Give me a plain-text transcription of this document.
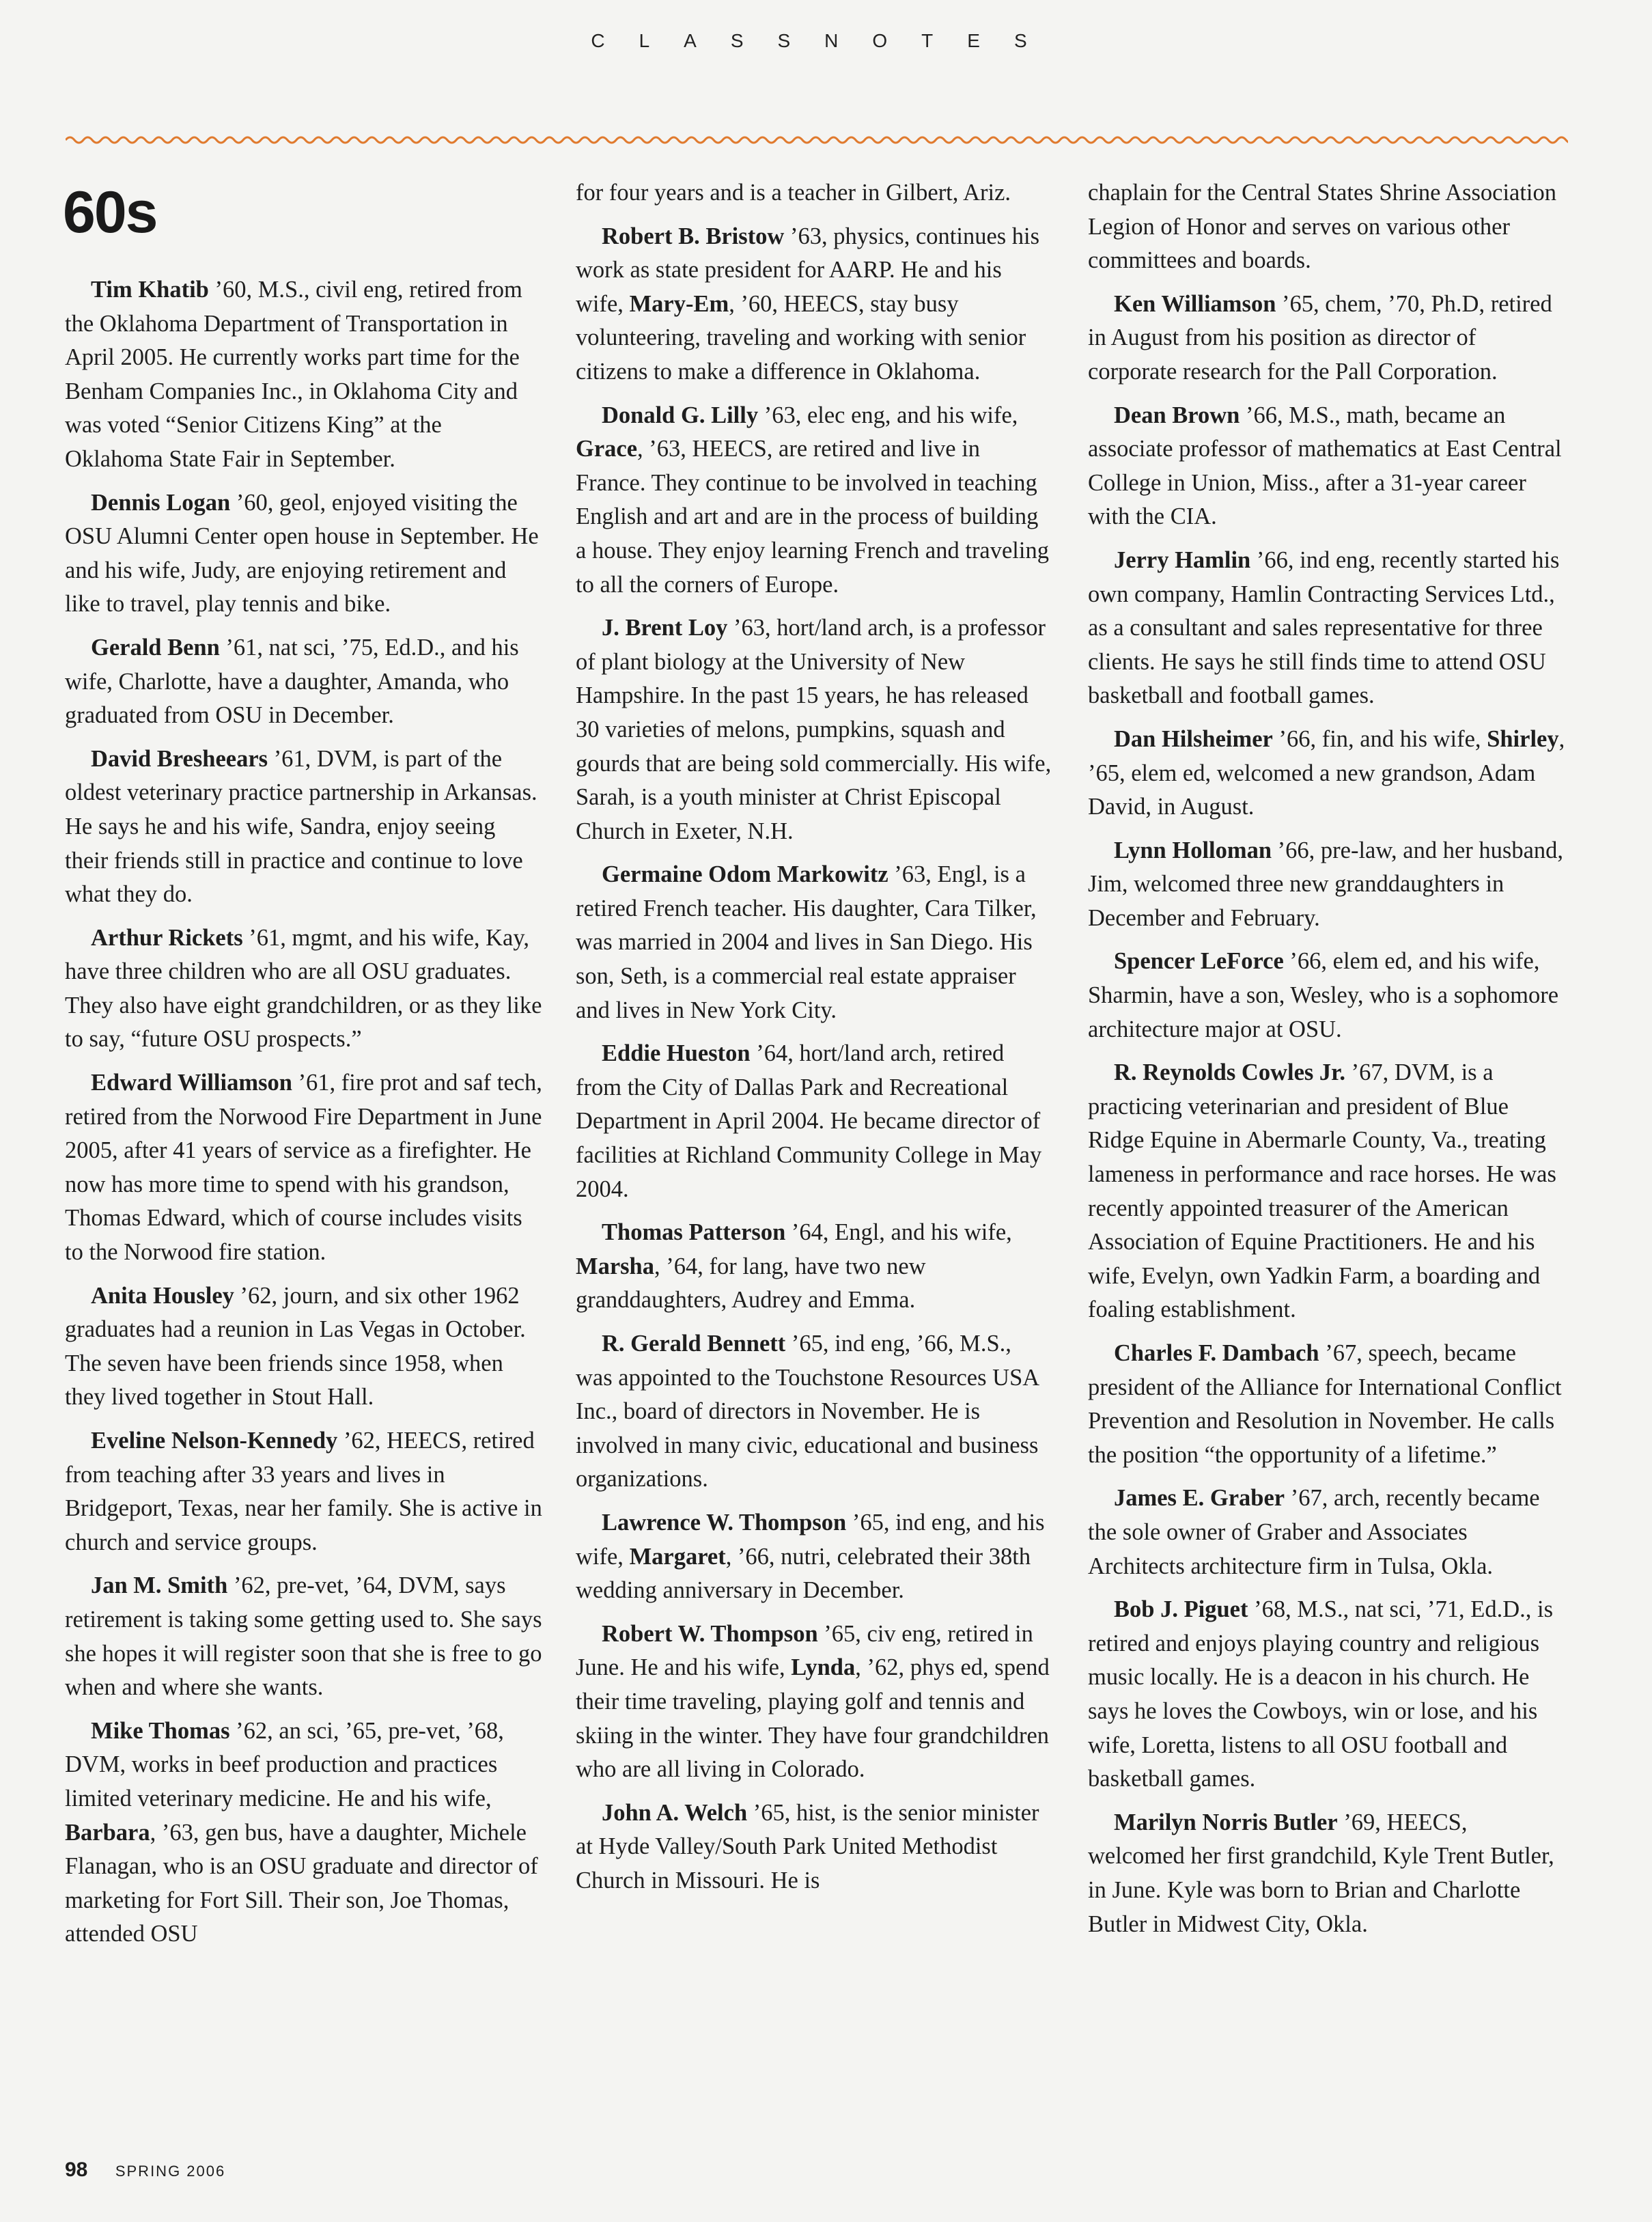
CLASSNOTES
60s

Tim Khatib ’60, M.S., civil eng, retired from the Oklahoma Department of Transportation in April 2005. He currently works part time for the Benham Companies Inc., in Oklahoma City and was voted “Senior Citizens King” at the Oklahoma State Fair in September.

Dennis Logan ’60, geol, enjoyed visiting the OSU Alumni Center open house in September. He and his wife, Judy, are enjoying retirement and like to travel, play tennis and bike.

Gerald Benn ’61, nat sci, ’75, Ed.D., and his wife, Charlotte, have a daughter, Amanda, who graduated from OSU in December.

David Bresheears ’61, DVM, is part of the oldest veterinary practice partnership in Arkansas. He says he and his wife, Sandra, enjoy seeing their friends still in practice and continue to love what they do.

Arthur Rickets ’61, mgmt, and his wife, Kay, have three children who are all OSU graduates. They also have eight grandchildren, or as they like to say, “future OSU prospects.”

Edward Williamson ’61, fire prot and saf tech, retired from the Norwood Fire Department in June 2005, after 41 years of service as a firefighter. He now has more time to spend with his grandson, Thomas Edward, which of course includes visits to the Norwood fire station.

Anita Housley ’62, journ, and six other 1962 graduates had a reunion in Las Vegas in October. The seven have been friends since 1958, when they lived together in Stout Hall.

Eveline Nelson-Kennedy ’62, HEECS, retired from teaching after 33 years and lives in Bridgeport, Texas, near her family. She is active in church and service groups.

Jan M. Smith ’62, pre-vet, ’64, DVM, says retirement is taking some getting used to. She says she hopes it will register soon that she is free to go when and where she wants.

Mike Thomas ’62, an sci, ’65, pre-vet, ’68, DVM, works in beef production and practices limited veterinary medicine. He and his wife, Barbara, ’63, gen bus, have a daughter, Michele Flanagan, who is an OSU graduate and director of marketing for Fort Sill. Their son, Joe Thomas, attended OSU

for four years and is a teacher in Gilbert, Ariz.

Robert B. Bristow ’63, physics, continues his work as state president for AARP. He and his wife, Mary-Em, ’60, HEECS, stay busy volunteering, traveling and working with senior citizens to make a difference in Oklahoma.

Donald G. Lilly ’63, elec eng, and his wife, Grace, ’63, HEECS, are retired and live in France. They continue to be involved in teaching English and art and are in the process of building a house. They enjoy learning French and traveling to all the corners of Europe.

J. Brent Loy ’63, hort/land arch, is a professor of plant biology at the University of New Hampshire. In the past 15 years, he has released 30 varieties of melons, pumpkins, squash and gourds that are being sold commercially. His wife, Sarah, is a youth minister at Christ Episcopal Church in Exeter, N.H.

Germaine Odom Markowitz ’63, Engl, is a retired French teacher. His daughter, Cara Tilker, was married in 2004 and lives in San Diego. His son, Seth, is a commercial real estate appraiser and lives in New York City.

Eddie Hueston ’64, hort/land arch, retired from the City of Dallas Park and Recreational Department in April 2004. He became director of facilities at Richland Community College in May 2004.

Thomas Patterson ’64, Engl, and his wife, Marsha, ’64, for lang, have two new granddaughters, Audrey and Emma.

R. Gerald Bennett ’65, ind eng, ’66, M.S., was appointed to the Touchstone Resources USA Inc., board of directors in November. He is involved in many civic, educational and business organizations.

Lawrence W. Thompson ’65, ind eng, and his wife, Margaret, ’66, nutri, celebrated their 38th wedding anniversary in December.

Robert W. Thompson ’65, civ eng, retired in June. He and his wife, Lynda, ’62, phys ed, spend their time traveling, playing golf and tennis and skiing in the winter. They have four grandchildren who are all living in Colorado.

John A. Welch ’65, hist, is the senior minister at Hyde Valley/South Park United Methodist Church in Missouri. He is

chaplain for the Central States Shrine Association Legion of Honor and serves on various other committees and boards.

Ken Williamson ’65, chem, ’70, Ph.D, retired in August from his position as director of corporate research for the Pall Corporation.

Dean Brown ’66, M.S., math, became an associate professor of mathematics at East Central College in Union, Miss., after a 31-year career with the CIA.

Jerry Hamlin ’66, ind eng, recently started his own company, Hamlin Contracting Services Ltd., as a consultant and sales representative for three clients. He says he still finds time to attend OSU basketball and football games.

Dan Hilsheimer ’66, fin, and his wife, Shirley, ’65, elem ed, welcomed a new grandson, Adam David, in August.

Lynn Holloman ’66, pre-law, and her husband, Jim, welcomed three new granddaughters in December and February.

Spencer LeForce ’66, elem ed, and his wife, Sharmin, have a son, Wesley, who is a sophomore architecture major at OSU.

R. Reynolds Cowles Jr. ’67, DVM, is a practicing veterinarian and president of Blue Ridge Equine in Abermarle County, Va., treating lameness in performance and race horses. He was recently appointed treasurer of the American Association of Equine Practitioners. He and his wife, Evelyn, own Yadkin Farm, a boarding and foaling establishment.

Charles F. Dambach ’67, speech, became president of the Alliance for International Conflict Prevention and Resolution in November. He calls the position “the opportunity of a lifetime.”

James E. Graber ’67, arch, recently became the sole owner of Graber and Associates Architects architecture firm in Tulsa, Okla.

Bob J. Piguet ’68, M.S., nat sci, ’71, Ed.D., is retired and enjoys playing country and religious music locally. He is a deacon in his church. He says he loves the Cowboys, win or lose, and his wife, Loretta, listens to all OSU football and basketball games.

Marilyn Norris Butler ’69, HEECS, welcomed her first grandchild, Kyle Trent Butler, in June. Kyle was born to Brian and Charlotte Butler in Midwest City, Okla.

98 SPRING 2006
